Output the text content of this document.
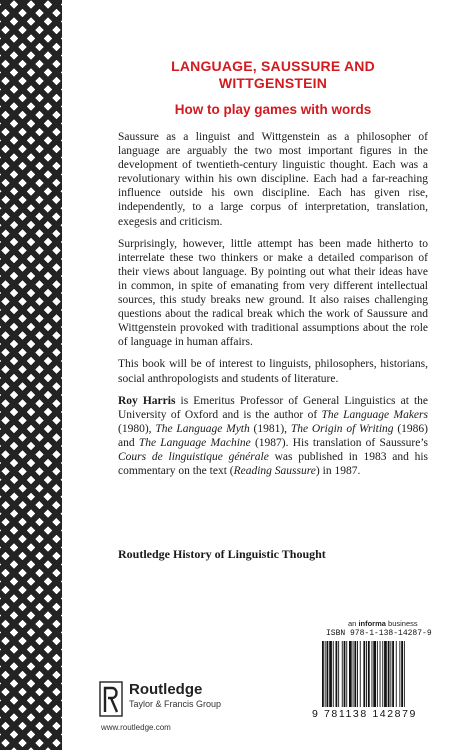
LANGUAGE, SAUSSURE AND WITTGENSTEIN
How to play games with words

Saussure as a linguist and Wittgenstein as a philosopher of language are arguably the two most important figures in the development of twentieth-century linguistic thought. Each was a revolutionary within his own discipline. Each had a far-reaching influence outside his own discipline. Each has given rise, independently, to a large corpus of interpretation, translation, exegesis and criticism.

Surprisingly, however, little attempt has been made hitherto to interrelate these two thinkers or make a detailed comparison of their views about language. By pointing out what their ideas have in common, in spite of emanating from very different intellectual sources, this study breaks new ground. It also raises challenging questions about the radical break which the work of Saussure and Wittgenstein provoked with traditional assumptions about the role of language in human affairs.

This book will be of interest to linguists, philosophers, historians, social anthropologists and students of literature.

Roy Harris is Emeritus Professor of General Linguistics at the University of Oxford and is the author of The Language Makers (1980), The Language Myth (1981), The Origin of Writing (1986) and The Language Machine (1987). His translation of Saussure’s Cours de linguistique générale was published in 1983 and his commentary on the text (Reading Saussure) in 1987.

Routledge History of Linguistic Thought
an informa business
ISBN 978-1-138-14287-9
9 781138 142879
Routledge
Taylor & Francis Group
www.routledge.com
